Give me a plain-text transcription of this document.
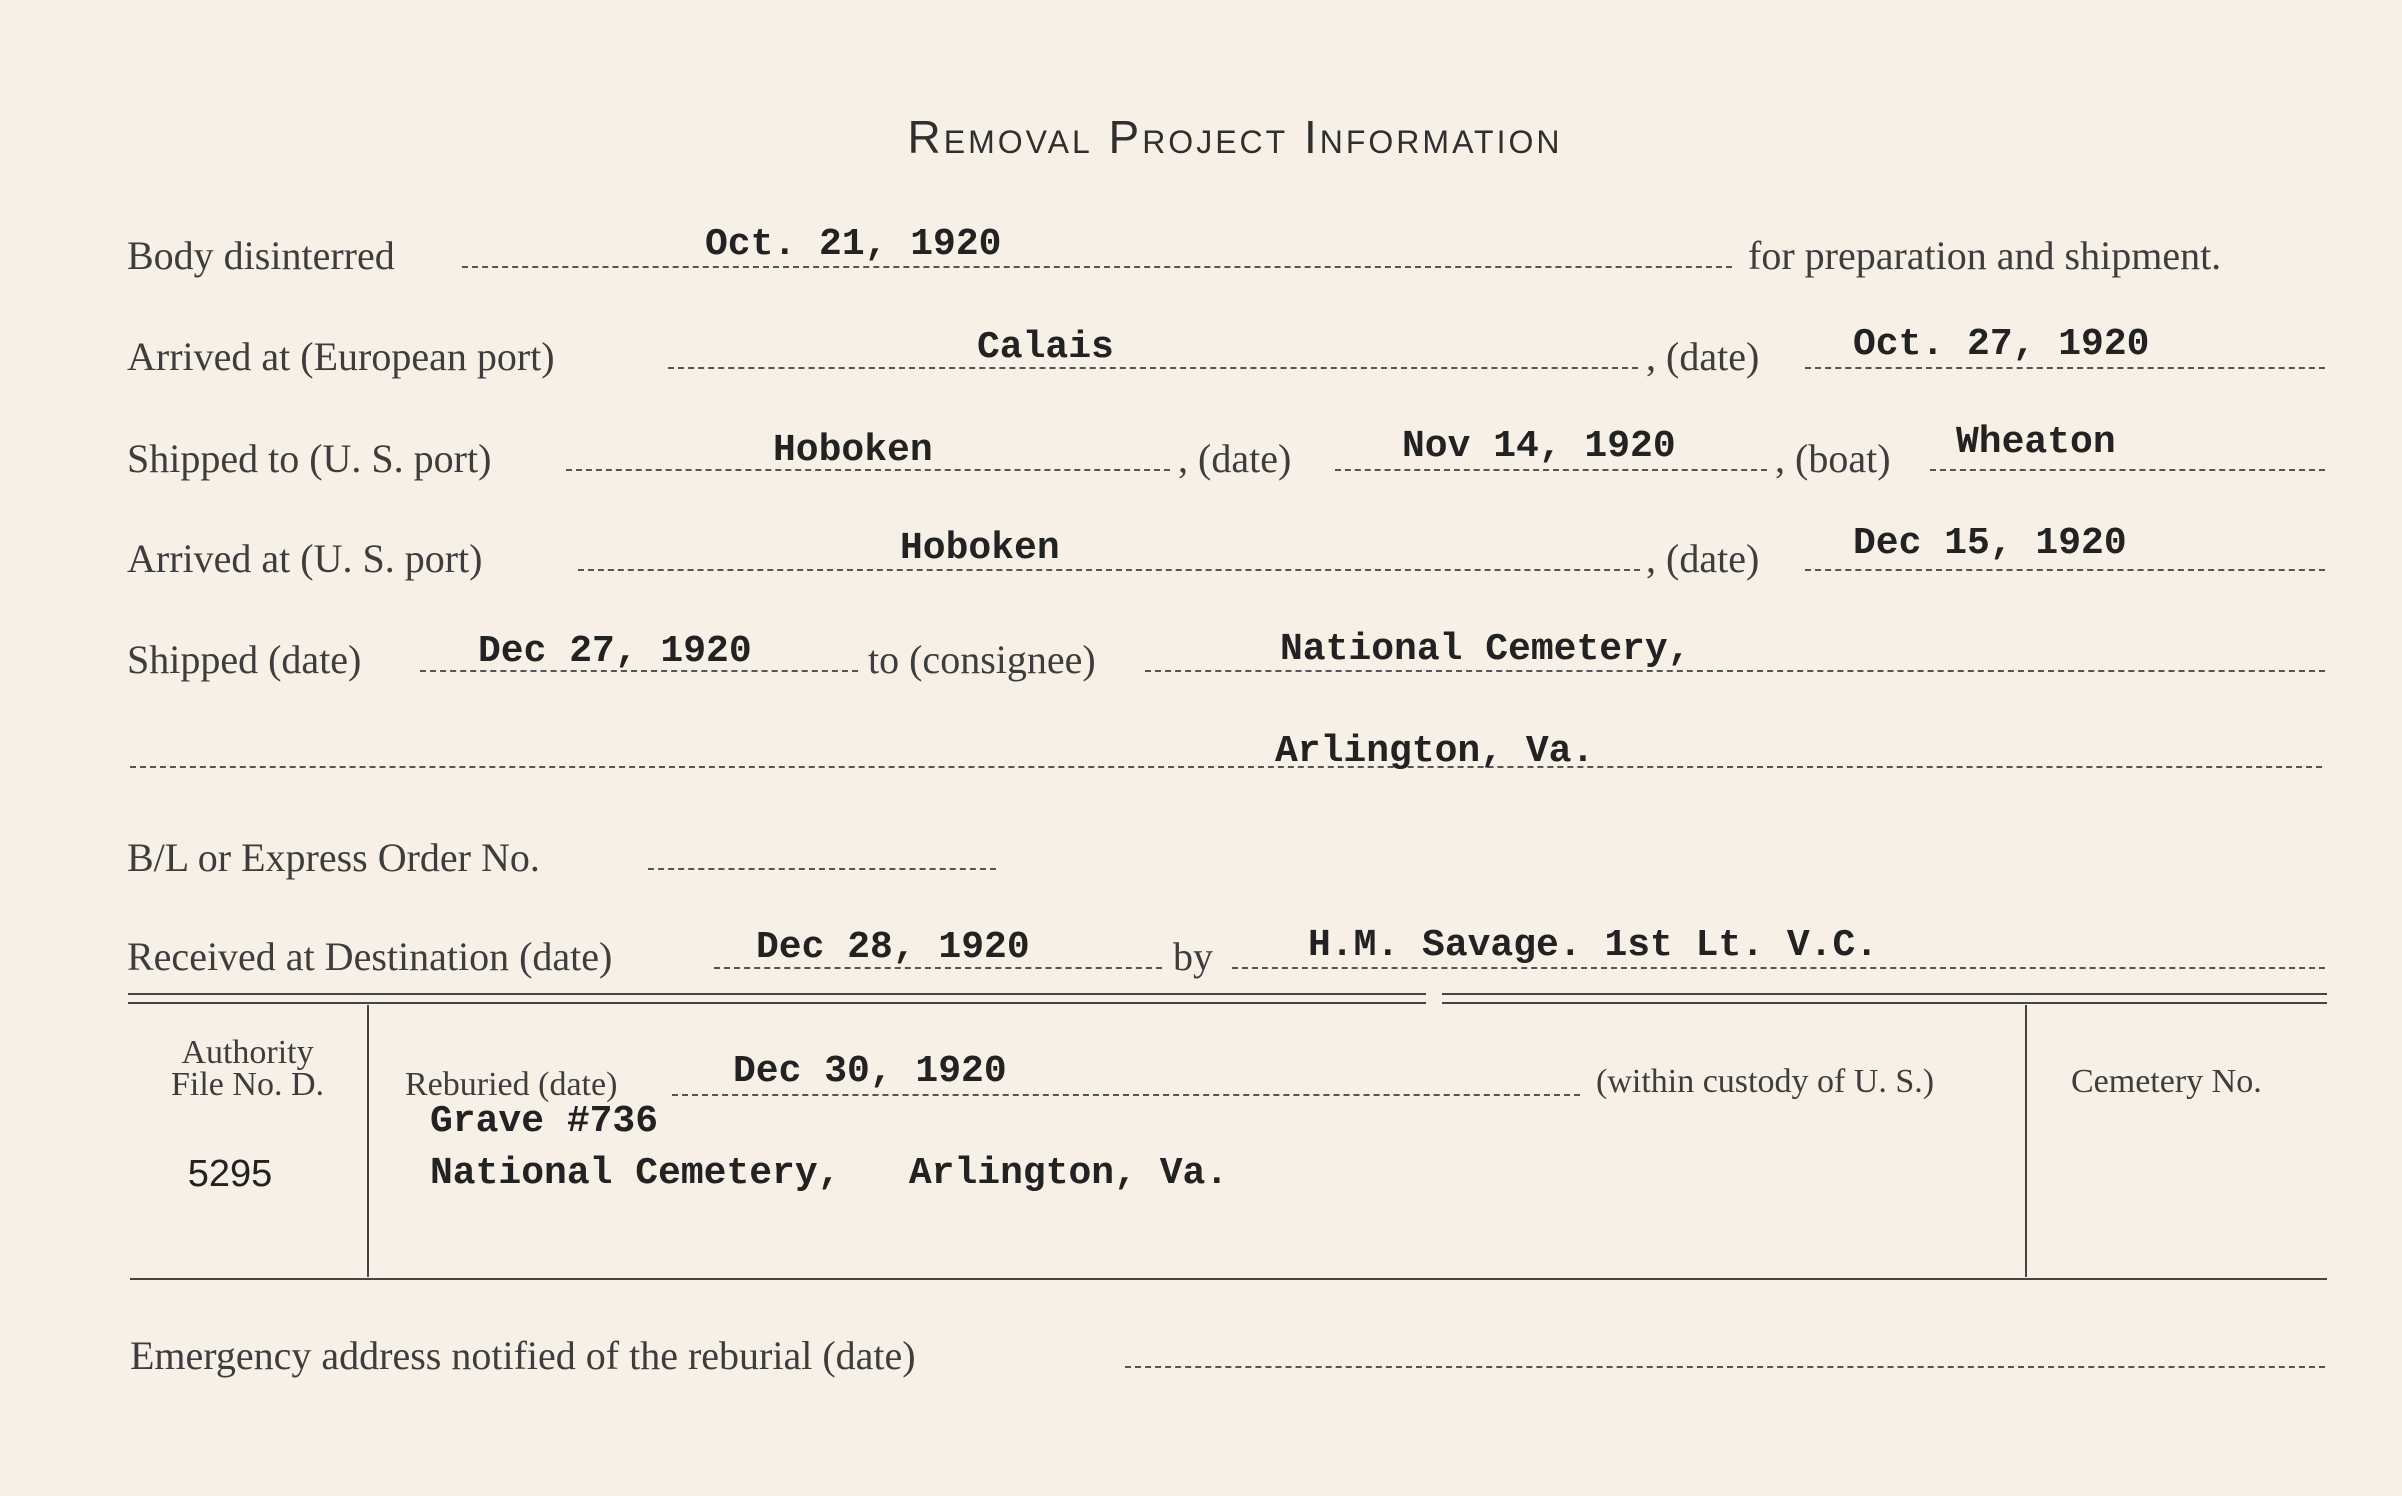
Removal Project Information
Body disinterred	Oct. 21, 1920	for preparation and shipment.
Arrived at (European port)	Calais	, (date) Oct. 27, 1920
Shipped to (U. S. port)	Hoboken	, (date)	Nov 14, 1920 , (boat) Wheaton
Arrived at (U. S. port)	Hoboken	, (date) Dec 15, 1920
Shipped (date)	Dec 27, 1920	to (consignee)	National Cemetery,
Arlington, Va.
B/L or Express Order No.
Received at Destination (date)	Dec 28, 1920	by	H.M. Savage. 1st Lt. V.C.
Authority
File No. D.
5295
Reburied (date)	Dec 30, 1920	(within custody of U. S.)
Grave #736
National Cemetery,   Arlington, Va.
Cemetery No.
Emergency address notified of the reburial (date)
